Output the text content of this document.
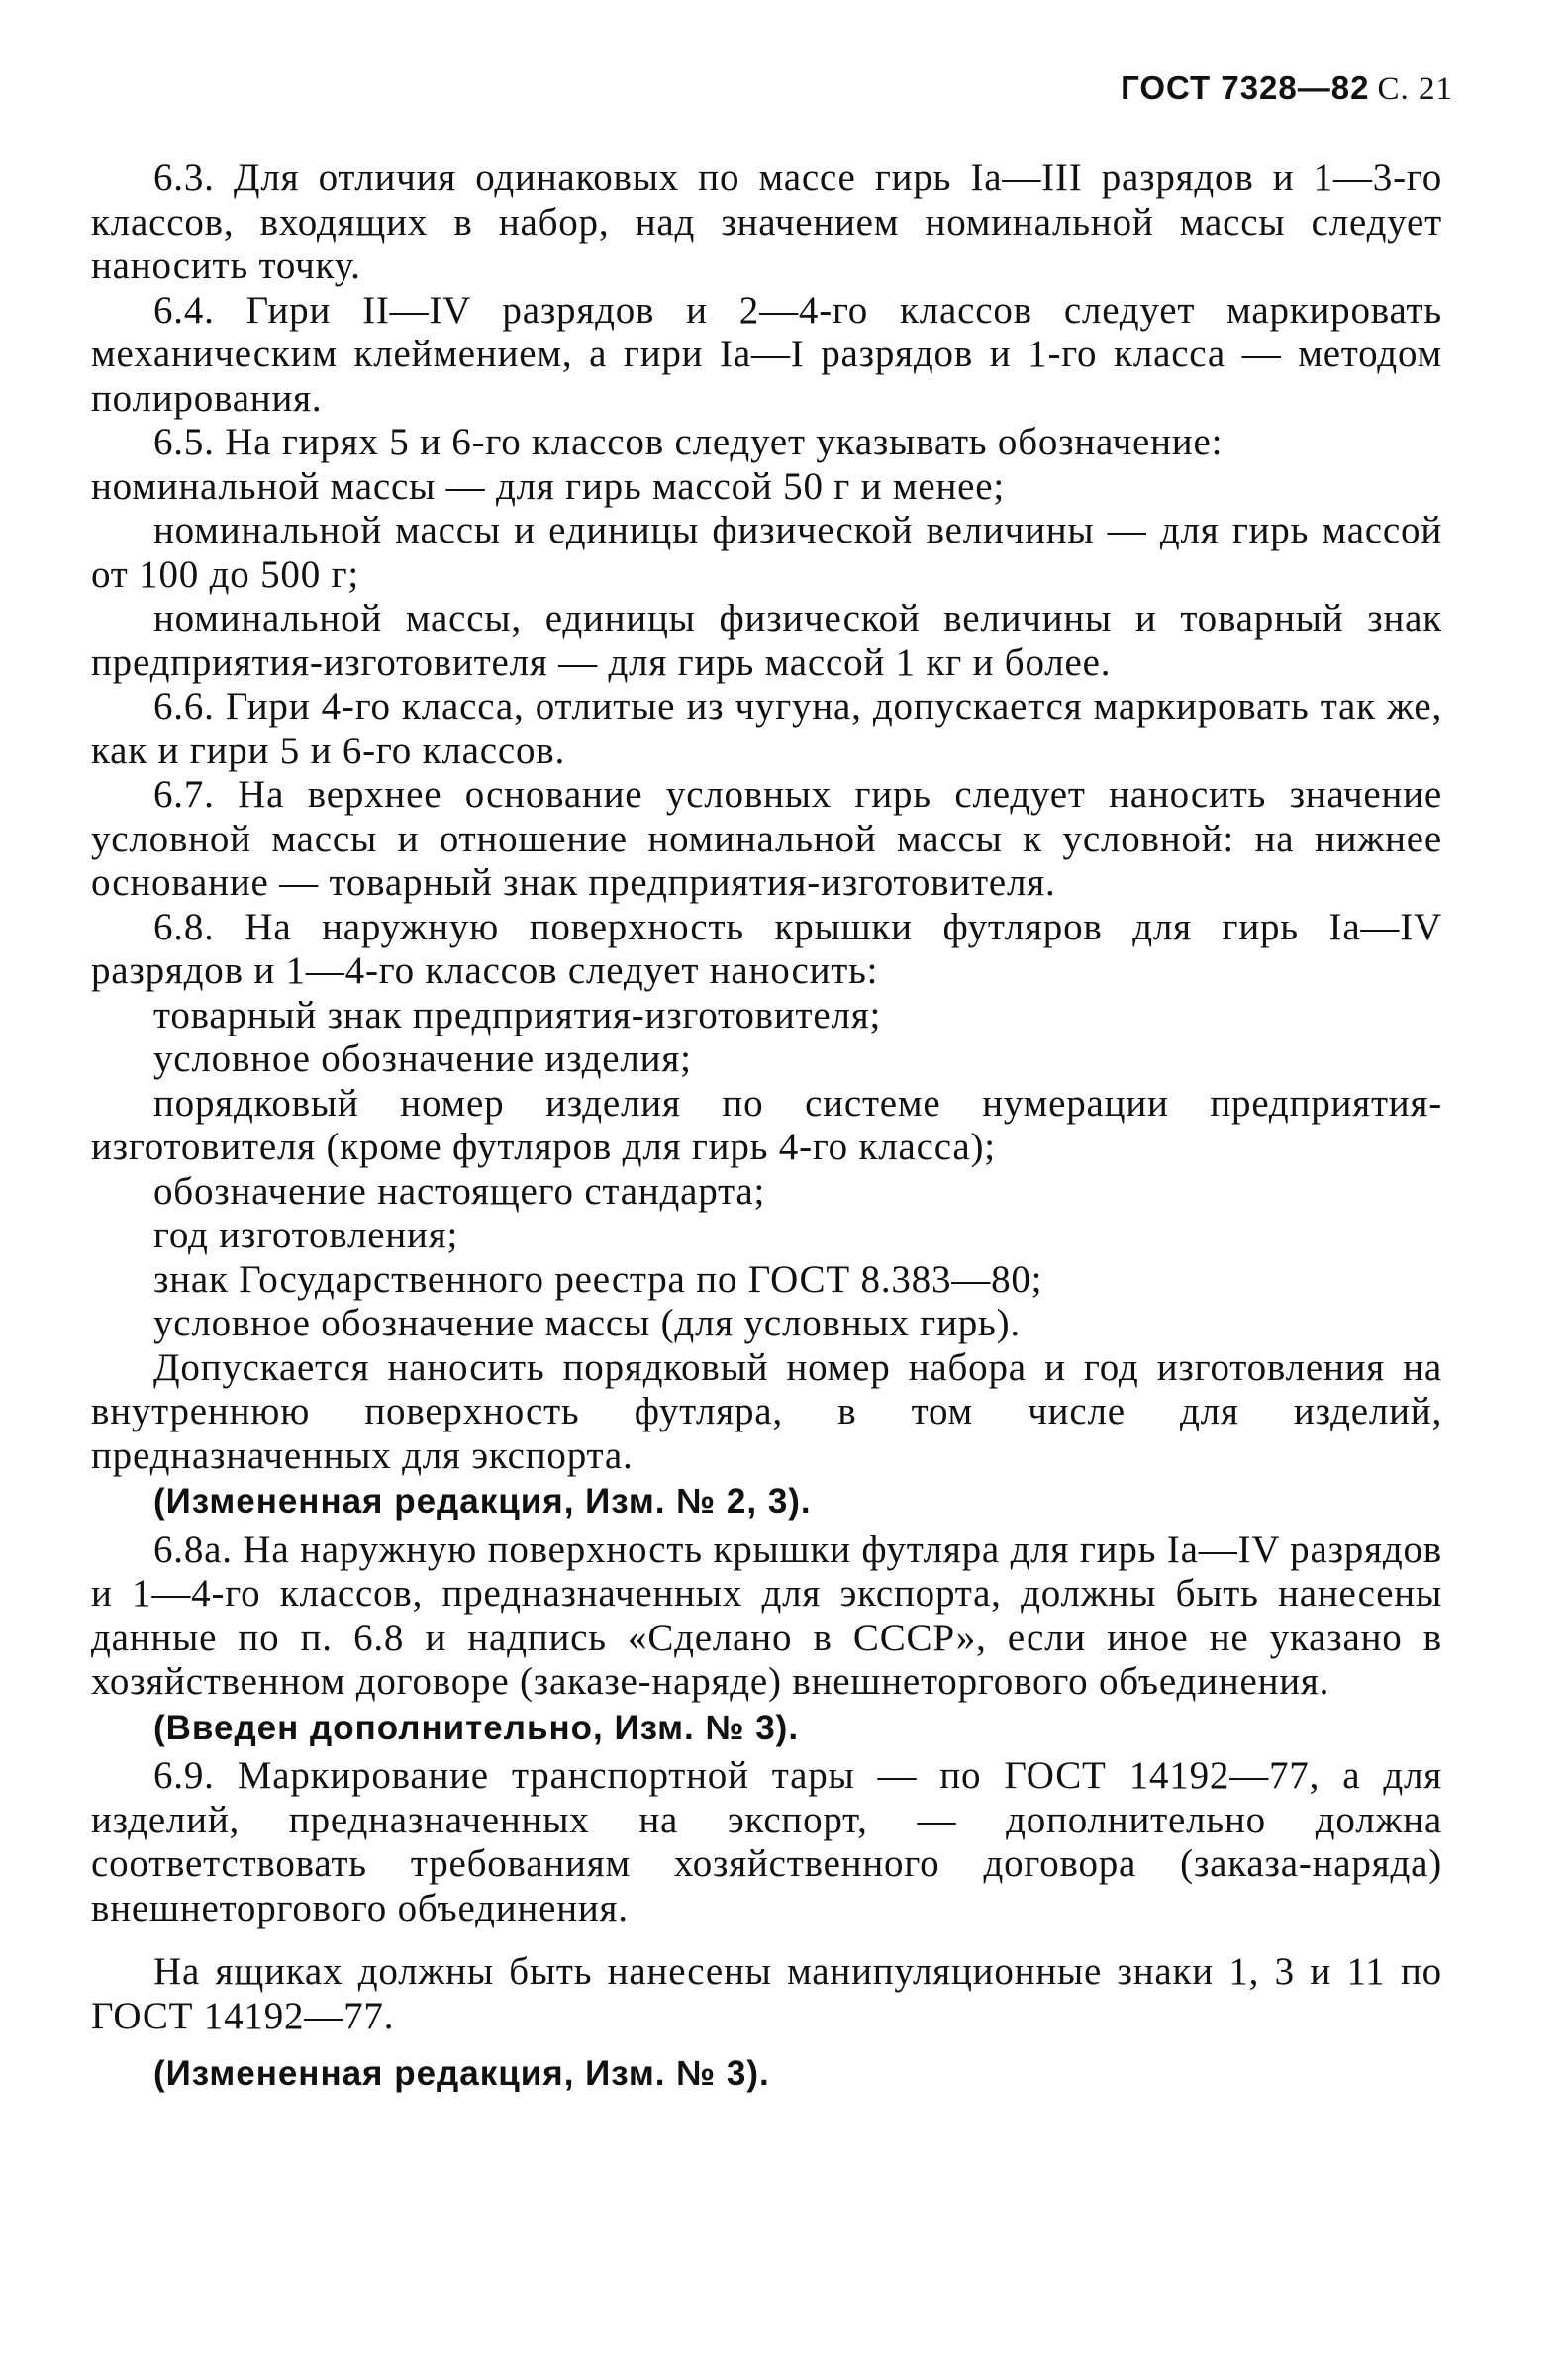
ГОСТ 7328—82 С. 21

6.3. Для отличия одинаковых по массе гирь Iа—III разрядов и 1—3-го классов, входящих в набор, над значением номинальной массы следует наносить точку.

6.4. Гири II—IV разрядов и 2—4-го классов следует маркировать механическим клеймением, а гири Iа—I разрядов и 1-го класса — методом полирования.

6.5. На гирях 5 и 6-го классов следует указывать обозначение:

номинальной массы — для гирь массой 50 г и менее;

номинальной массы и единицы физической величины — для гирь массой от 100 до 500 г;

номинальной массы, единицы физической величины и товарный знак предприятия-изготовителя — для гирь массой 1 кг и более.

6.6. Гири 4-го класса, отлитые из чугуна, допускается маркировать так же, как и гири 5 и 6-го классов.

6.7. На верхнее основание условных гирь следует наносить значение условной массы и отношение номинальной массы к условной: на нижнее основание — товарный знак предприятия-изготовителя.

6.8. На наружную поверхность крышки футляров для гирь Iа—IV разрядов и 1—4-го классов следует наносить:

товарный знак предприятия-изготовителя;

условное обозначение изделия;

порядковый номер изделия по системе нумерации предприятия-изготовителя (кроме футляров для гирь 4-го класса);

обозначение настоящего стандарта;

год изготовления;

знак Государственного реестра по ГОСТ 8.383—80;

условное обозначение массы (для условных гирь).

Допускается наносить порядковый номер набора и год изготовления на внутреннюю поверхность футляра, в том числе для изделий, предназначенных для экспорта.

(Измененная редакция, Изм. № 2, 3).

6.8а. На наружную поверхность крышки футляра для гирь Iа—IV разрядов и 1—4-го классов, предназначенных для экспорта, должны быть нанесены данные по п. 6.8 и надпись «Сделано в СССР», если иное не указано в хозяйственном договоре (заказе-наряде) внешнеторгового объединения.

(Введен дополнительно, Изм. № 3).

6.9. Маркирование транспортной тары — по ГОСТ 14192—77, а для изделий, предназначенных на экспорт, — дополнительно должна соответствовать требованиям хозяйственного договора (заказа-наряда) внешнеторгового объединения.

На ящиках должны быть нанесены манипуляционные знаки 1, 3 и 11 по ГОСТ 14192—77.

(Измененная редакция, Изм. № 3).
